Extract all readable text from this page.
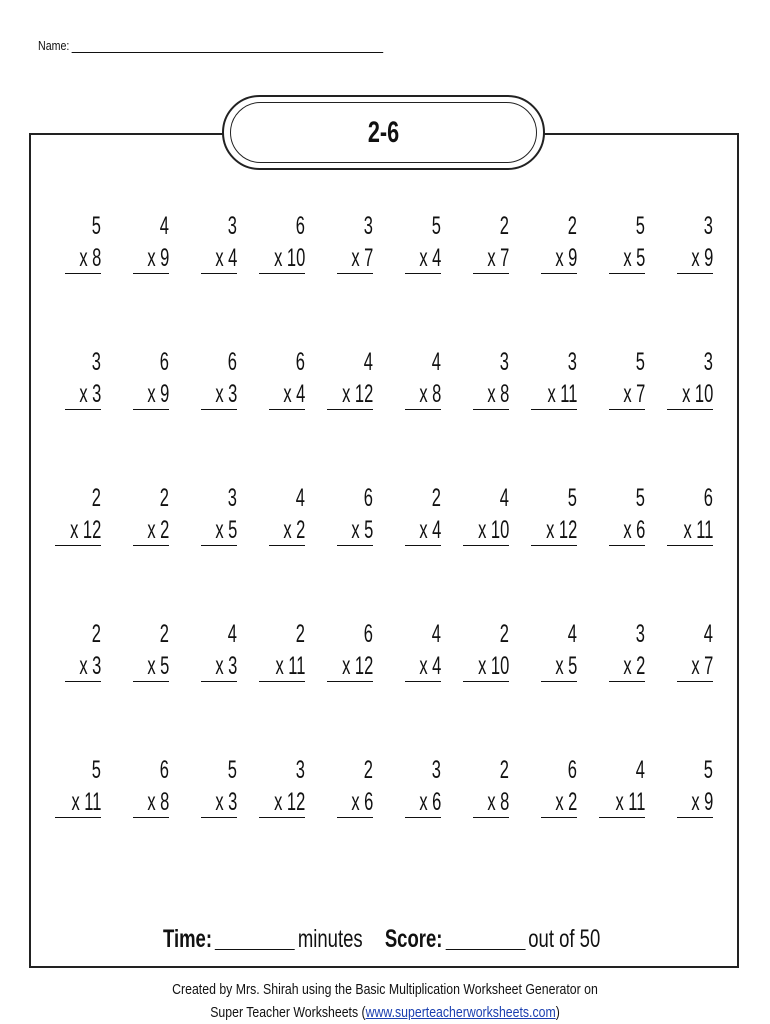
Name:
2-6
5
x 8
4
x 9
3
x 4
6
x 10
3
x 7
5
x 4
2
x 7
2
x 9
5
x 5
3
x 9
3
x 3
6
x 9
6
x 3
6
x 4
4
x 12
4
x 8
3
x 8
3
x 11
5
x 7
3
x 10
2
x 12
2
x 2
3
x 5
4
x 2
6
x 5
2
x 4
4
x 10
5
x 12
5
x 6
6
x 11
2
x 3
2
x 5
4
x 3
2
x 11
6
x 12
4
x 4
2
x 10
4
x 5
3
x 2
4
x 7
5
x 11
6
x 8
5
x 3
3
x 12
2
x 6
3
x 6
2
x 8
6
x 2
4
x 11
5
x 9
Time:	minutes Score:	out of 50
Created by Mrs. Shirah using the Basic Multiplication Worksheet Generator on
Super Teacher Worksheets (www.superteacherworksheets.com)
